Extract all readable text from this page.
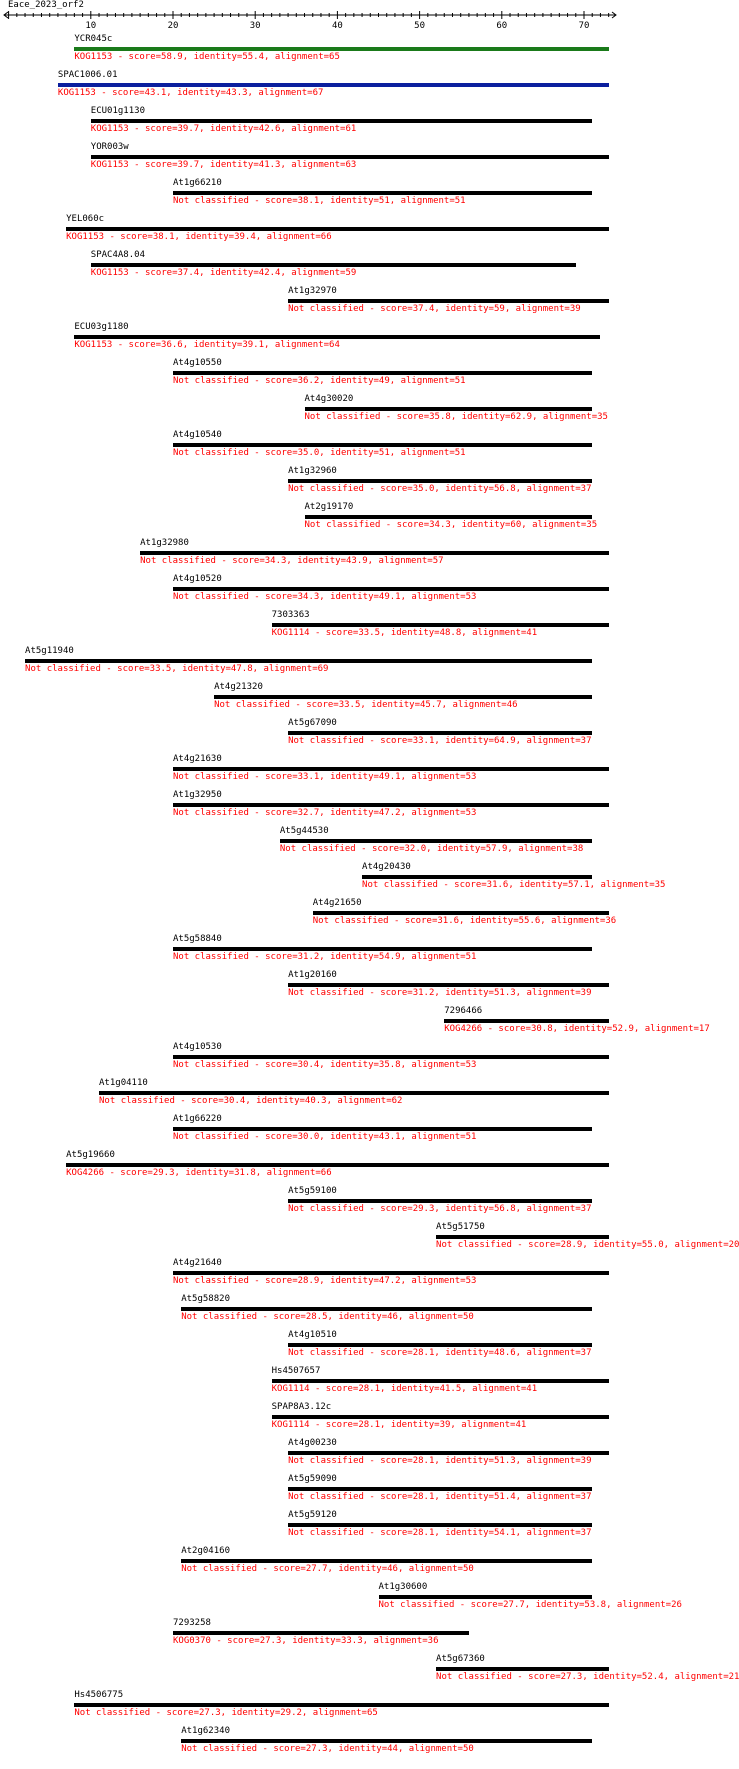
Eace_2023_orf2
10	20	30	40	50	60	70
YCR045c
KOG1153 - score=58.9, identity=55.4, alignment=65
SPAC1006.01
KOG1153 - score=43.1, identity=43.3, alignment=67
ECU01g1130
KOG1153 - score=39.7, identity=42.6, alignment=61
YOR003w
KOG1153 - score=39.7, identity=41.3, alignment=63
At1g66210
Not classified - score=38.1, identity=51, alignment=51
YEL060c
KOG1153 - score=38.1, identity=39.4, alignment=66
SPAC4A8.04
KOG1153 - score=37.4, identity=42.4, alignment=59
At1g32970
Not classified - score=37.4, identity=59, alignment=39
ECU03g1180
KOG1153 - score=36.6, identity=39.1, alignment=64
At4g10550
Not classified - score=36.2, identity=49, alignment=51
At4g30020
Not classified - score=35.8, identity=62.9, alignment=35
At4g10540
Not classified - score=35.0, identity=51, alignment=51
At1g32960
Not classified - score=35.0, identity=56.8, alignment=37
At2g19170
Not classified - score=34.3, identity=60, alignment=35
At1g32980
Not classified - score=34.3, identity=43.9, alignment=57
At4g10520
Not classified - score=34.3, identity=49.1, alignment=53
7303363
KOG1114 - score=33.5, identity=48.8, alignment=41
At5g11940
Not classified - score=33.5, identity=47.8, alignment=69
At4g21320
Not classified - score=33.5, identity=45.7, alignment=46
At5g67090
Not classified - score=33.1, identity=64.9, alignment=37
At4g21630
Not classified - score=33.1, identity=49.1, alignment=53
At1g32950
Not classified - score=32.7, identity=47.2, alignment=53
At5g44530
Not classified - score=32.0, identity=57.9, alignment=38
At4g20430
Not classified - score=31.6, identity=57.1, alignment=35
At4g21650
Not classified - score=31.6, identity=55.6, alignment=36
At5g58840
Not classified - score=31.2, identity=54.9, alignment=51
At1g20160
Not classified - score=31.2, identity=51.3, alignment=39
7296466
KOG4266 - score=30.8, identity=52.9, alignment=17
At4g10530
Not classified - score=30.4, identity=35.8, alignment=53
At1g04110
Not classified - score=30.4, identity=40.3, alignment=62
At1g66220
Not classified - score=30.0, identity=43.1, alignment=51
At5g19660
KOG4266 - score=29.3, identity=31.8, alignment=66
At5g59100
Not classified - score=29.3, identity=56.8, alignment=37
At5g51750
Not classified - score=28.9, identity=55.0, alignment=20
At4g21640
Not classified - score=28.9, identity=47.2, alignment=53
At5g58820
Not classified - score=28.5, identity=46, alignment=50
At4g10510
Not classified - score=28.1, identity=48.6, alignment=37
Hs4507657
KOG1114 - score=28.1, identity=41.5, alignment=41
SPAP8A3.12c
KOG1114 - score=28.1, identity=39, alignment=41
At4g00230
Not classified - score=28.1, identity=51.3, alignment=39
At5g59090
Not classified - score=28.1, identity=51.4, alignment=37
At5g59120
Not classified - score=28.1, identity=54.1, alignment=37
At2g04160
Not classified - score=27.7, identity=46, alignment=50
At1g30600
Not classified - score=27.7, identity=53.8, alignment=26
7293258
KOG0370 - score=27.3, identity=33.3, alignment=36
At5g67360
Not classified - score=27.3, identity=52.4, alignment=21
Hs4506775
Not classified - score=27.3, identity=29.2, alignment=65
At1g62340
Not classified - score=27.3, identity=44, alignment=50
